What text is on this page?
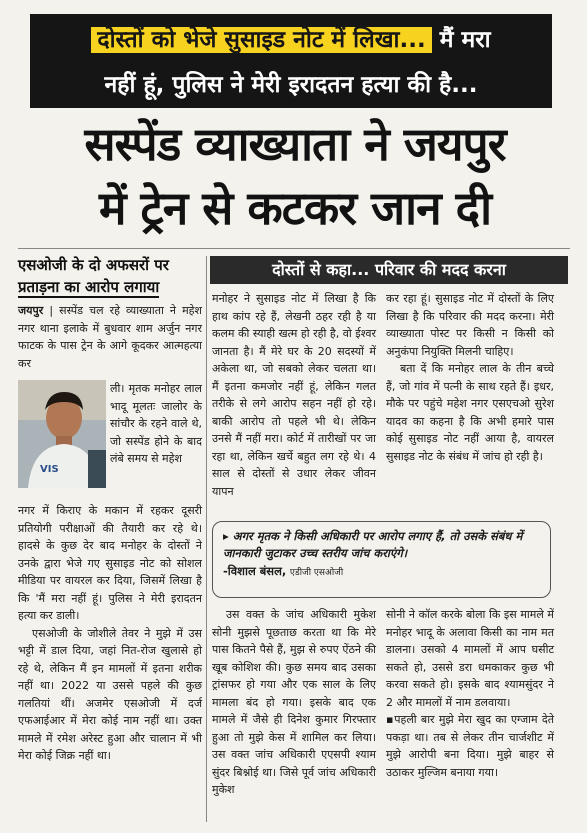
दोस्तों को भेजे सुसाइड नोट में लिखा... मैं मरा
नहीं हूं, पुलिस ने मेरी इरादतन हत्या की है...
सस्पेंड व्याख्याता ने जयपुर
में ट्रेन से कटकर जान दी
एसओजी के दो अफसरों पर
प्रताड़ना का आरोप लगाया
दोस्तों से कहा... परिवार की मदद करना

जयपुर | सस्पेंड चल रहे व्याख्याता ने महेश नगर थाना इलाके में बुधवार शाम अर्जुन नगर फाटक के पास ट्रेन के आगे कूदकर आत्महत्या कर

VIS
ली। मृतक मनोहर लाल भादू मूलतः जालोर के सांचौर के रहने वाले थे, जो सस्पेंड होने के बाद लंबे समय से महेश

नगर में किराए के मकान में रहकर दूसरी प्रतियोगी परीक्षाओं की तैयारी कर रहे थे। हादसे के कुछ देर बाद मनोहर के दोस्तों ने उनके द्वारा भेजे गए सुसाइड नोट को सोशल मीडिया पर वायरल कर दिया, जिसमें लिखा है कि 'मैं मरा नहीं हूं। पुलिस ने मेरी इरादतन हत्या कर डाली।

एसओजी के जोशीले तेवर ने मुझे में उस भट्टी में डाल दिया, जहां नित-रोज खुलासे हो रहे थे, लेकिन मैं इन मामलों में इतना शरीक नहीं था। 2022 या उससे पहले की कुछ गलतियां थीं। अजमेर एसओजी में दर्ज एफआईआर में मेरा कोई नाम नहीं था। उक्त मामले में रमेश अरेस्ट हुआ और चालान में भी मेरा कोई जिक्र नहीं था।

मनोहर ने सुसाइड नोट में लिखा है कि हाथ कांप रहे हैं, लेखनी ठहर रही है या कलम की स्याही खत्म हो रही है, वो ईश्वर जानता है। मैं मेरे घर के 20 सदस्यों में अकेला था, जो सबको लेकर चलता था। मैं इतना कमजोर नहीं हूं, लेकिन गलत तरीके से लगे आरोप सहन नहीं हो रहे। बाकी आरोप तो पहले भी थे। लेकिन उनसे मैं नहीं मरा। कोर्ट में तारीखों पर जा रहा था, लेकिन खर्चे बहुत लग रहे थे। 4 साल से दोस्तों से उधार लेकर जीवन यापन

कर रहा हूं। सुसाइड नोट में दोस्तों के लिए लिखा है कि परिवार की मदद करना। मेरी व्याख्याता पोस्ट पर किसी न किसी को अनुकंपा नियुक्ति मिलनी चाहिए।

बता दें कि मनोहर लाल के तीन बच्चे हैं, जो गांव में पत्नी के साथ रहते हैं। इधर, मौके पर पहुंचे महेश नगर एसएचओ सुरेश यादव का कहना है कि अभी हमारे पास कोई सुसाइड नोट नहीं आया है, वायरल सुसाइड नोट के संबंध में जांच हो रही है।

▸ अगर मृतक ने किसी अधिकारी पर आरोप लगाए हैं, तो उसके संबंध में जानकारी जुटाकर उच्च स्तरीय जांच कराएंगे।
-विशाल बंसल, एडीजी एसओजी

उस वक्त के जांच अधिकारी मुकेश सोनी मुझसे पूछताछ करता था कि मेरे पास कितने पैसे हैं, मुझ से रुपए ऐंठने की खूब कोशिश की। कुछ समय बाद उसका ट्रांसफर हो गया और एक साल के लिए मामला बंद हो गया। इसके बाद एक मामले में जैसे ही दिनेश कुमार गिरफ्तार हुआ तो मुझे केस में शामिल कर लिया। उस वक्त जांच अधिकारी एएसपी श्याम सुंदर बिश्नोई था। जिसे पूर्व जांच अधिकारी मुकेश

सोनी ने कॉल करके बोला कि इस मामले में मनोहर भादू के अलावा किसी का नाम मत डालना। उसको 4 मामलों में आप घसीट सकते हो, उससे डरा धमकाकर कुछ भी करवा सकते हो। इसके बाद श्यामसुंदर ने 2 और मामलों में नाम डलवाया।

▪पहली बार मुझे मेरा खुद का एग्जाम देते पकड़ा था। तब से लेकर तीन चार्जशीट में मुझे आरोपी बना दिया। मुझे बाहर से उठाकर मुल्जिम बनाया गया।
